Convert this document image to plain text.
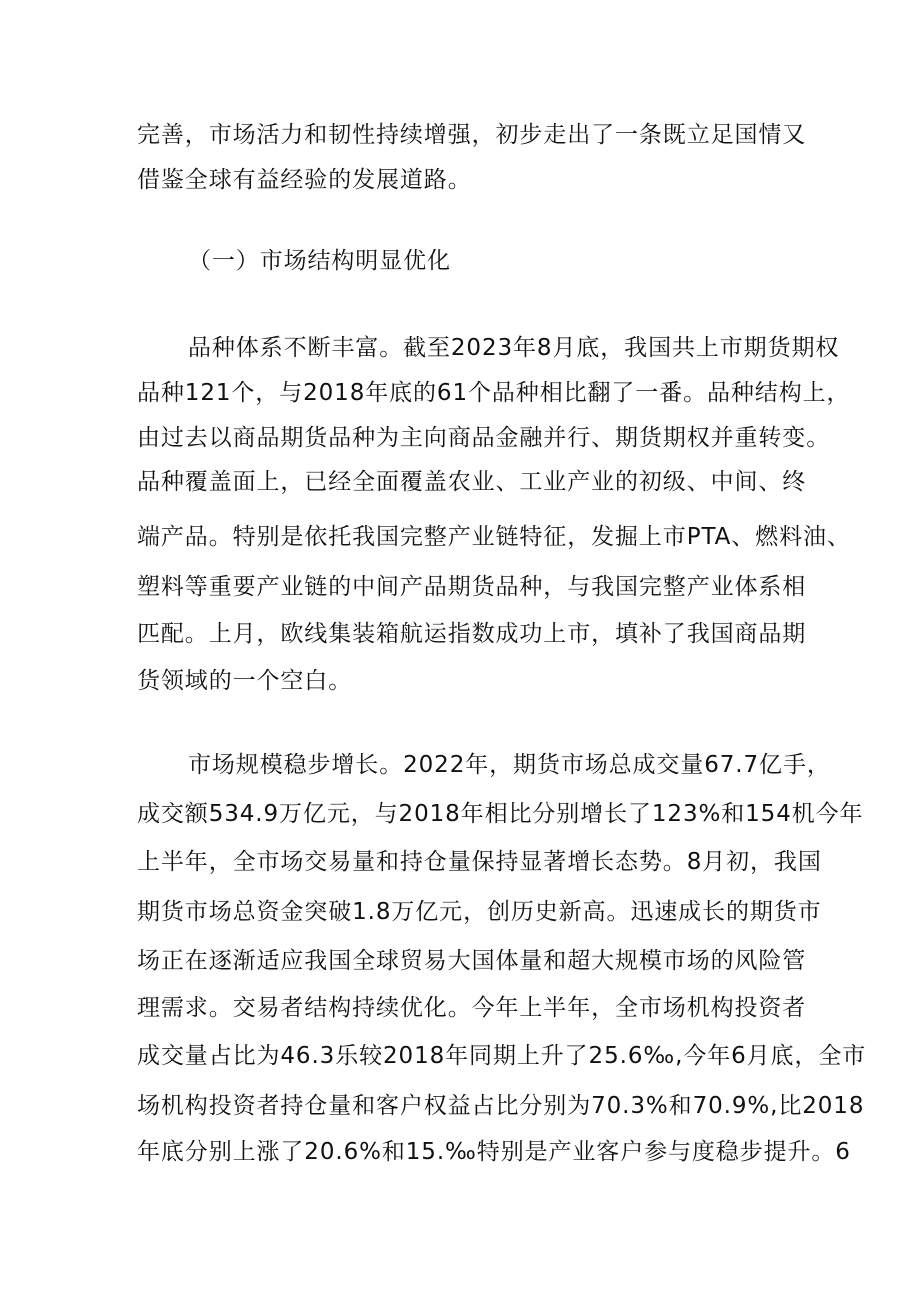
完善，市场活力和韧性持续增强，初步走出了一条既立足国情又
借鉴全球有益经验的发展道路。
（一）市场结构明显优化
品种体系不断丰富。截至2023年8月底，我国共上市期货期权
品种121个，与2018年底的61个品种相比翻了一番。品种结构上，
由过去以商品期货品种为主向商品金融并行、期货期权并重转变。
品种覆盖面上，已经全面覆盖农业、工业产业的初级、中间、终
端产品。特别是依托我国完整产业链特征，发掘上市PTA、燃料油、
塑料等重要产业链的中间产品期货品种，与我国完整产业体系相
匹配。上月，欧线集装箱航运指数成功上市，填补了我国商品期
货领域的一个空白。
市场规模稳步增长。2022年，期货市场总成交量67.7亿手，
成交额534.9万亿元，与2018年相比分别增长了123%和154机今年
上半年，全市场交易量和持仓量保持显著增长态势。8月初，我国
期货市场总资金突破1.8万亿元，创历史新高。迅速成长的期货市
场正在逐渐适应我国全球贸易大国体量和超大规模市场的风险管
理需求。交易者结构持续优化。今年上半年，全市场机构投资者
成交量占比为46.3乐较2018年同期上升了25.6‰,今年6月底，全市
场机构投资者持仓量和客户权益占比分别为70.3%和70.9%,比2018
年底分别上涨了20.6%和15.‰特别是产业客户参与度稳步提升。6
